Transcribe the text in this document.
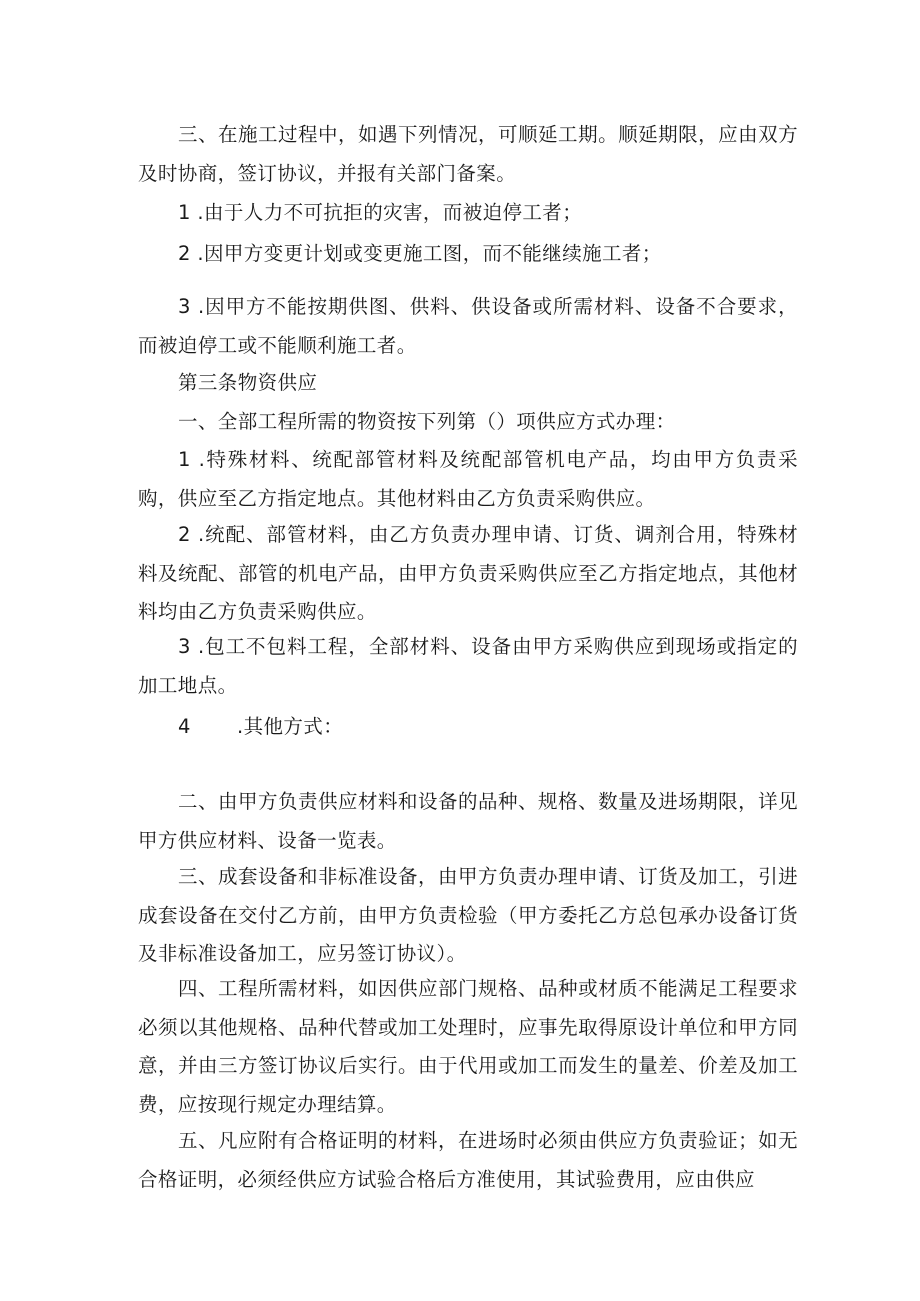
三、在施工过程中，如遇下列情况，可顺延工期。顺延期限，应由双方及时协商，签订协议，并报有关部门备案。

1 .由于人力不可抗拒的灾害，而被迫停工者；

2 .因甲方变更计划或变更施工图，而不能继续施工者；

3 .因甲方不能按期供图、供料、供设备或所需材料、设备不合要求，而被迫停工或不能顺利施工者。

第三条物资供应

一、全部工程所需的物资按下列第（）项供应方式办理：

1 .特殊材料、统配部管材料及统配部管机电产品，均由甲方负责采购，供应至乙方指定地点。其他材料由乙方负责采购供应。

2 .统配、部管材料，由乙方负责办理申请、订货、调剂合用，特殊材料及统配、部管的机电产品，由甲方负责采购供应至乙方指定地点，其他材料均由乙方负责采购供应。

3 .包工不包料工程，全部材料、设备由甲方采购供应到现场或指定的加工地点。

4       .其他方式：

二、由甲方负责供应材料和设备的品种、规格、数量及进场期限，详见甲方供应材料、设备一览表。

三、成套设备和非标准设备，由甲方负责办理申请、订货及加工，引进成套设备在交付乙方前，由甲方负责检验（甲方委托乙方总包承办设备订货及非标准设备加工，应另签订协议）。

四、工程所需材料，如因供应部门规格、品种或材质不能满足工程要求必须以其他规格、品种代替或加工处理时，应事先取得原设计单位和甲方同意，并由三方签订协议后实行。由于代用或加工而发生的量差、价差及加工费，应按现行规定办理结算。

五、凡应附有合格证明的材料，在进场时必须由供应方负责验证；如无合格证明，必须经供应方试验合格后方准使用，其试验费用，应由供应
